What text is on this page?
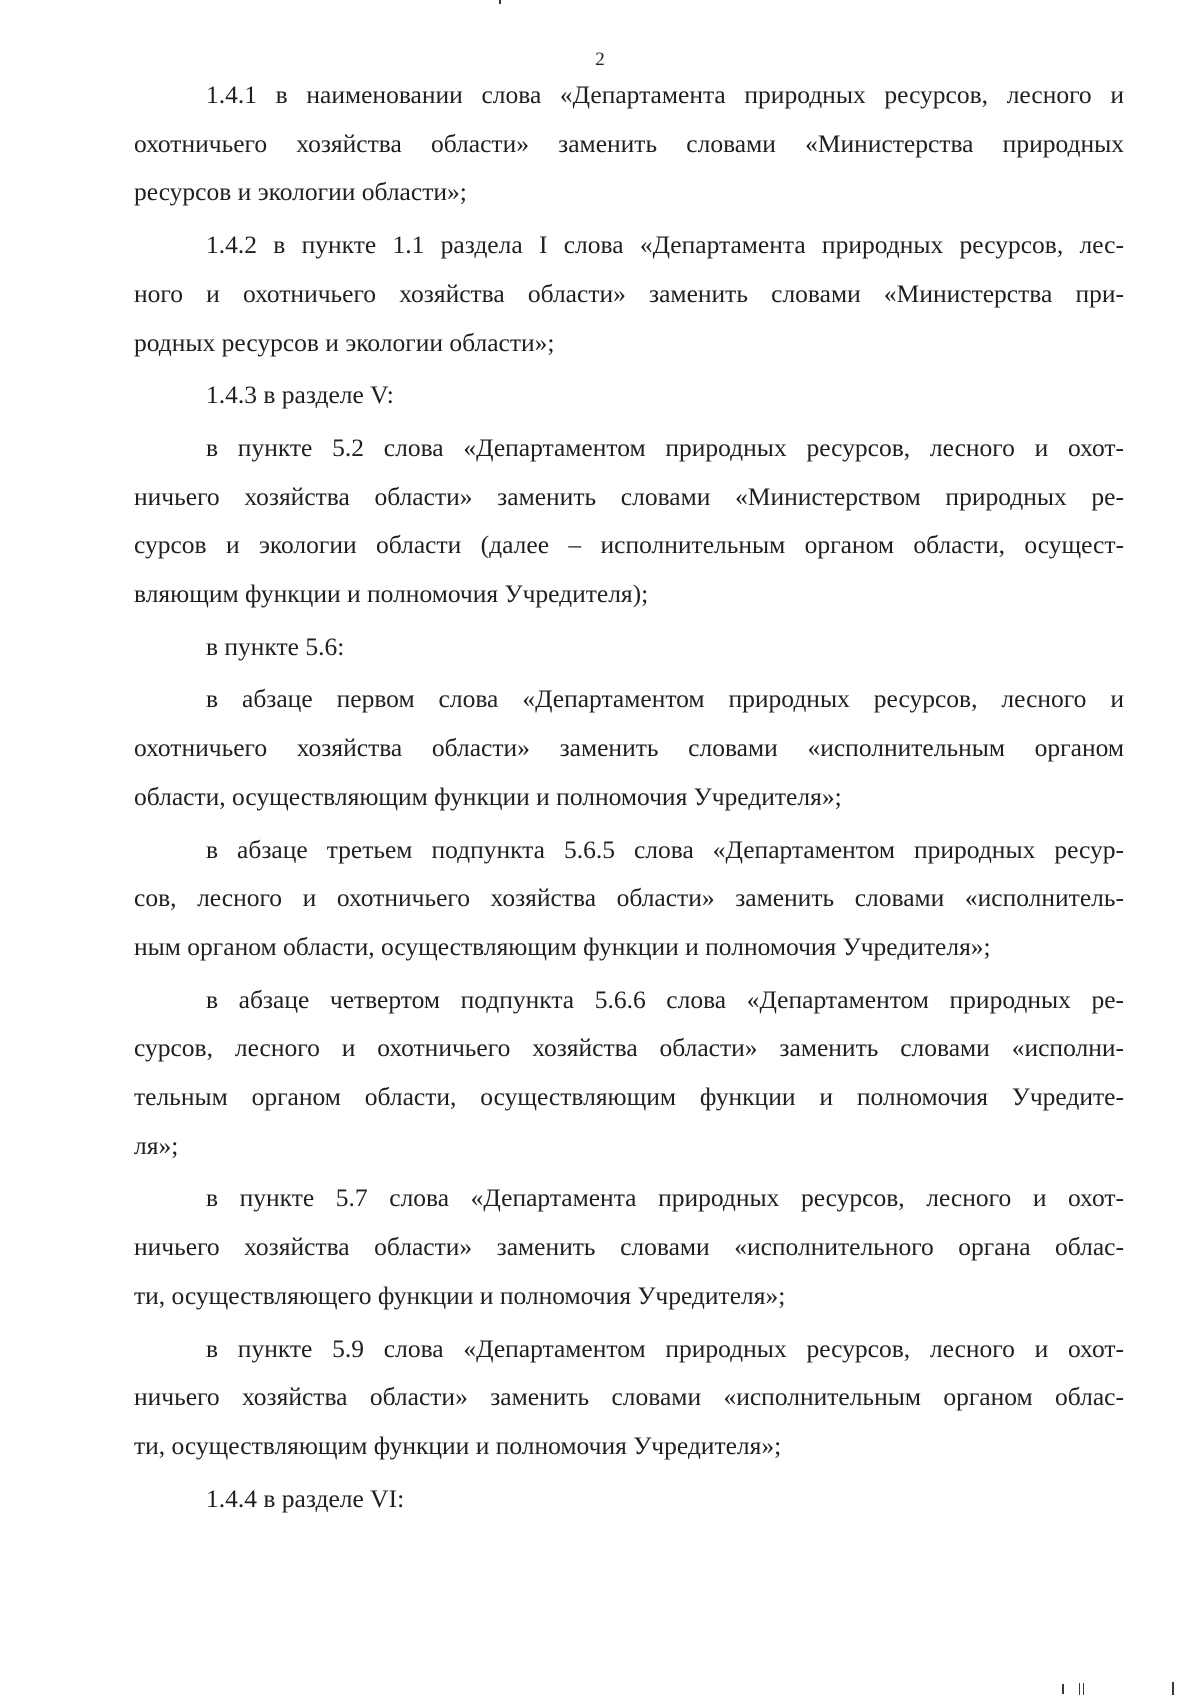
2

1.4.1 в наименовании слова «Департамента природных ресурсов, лесного и
охотничьего хозяйства области» заменить словами «Министерства природных
ресурсов и экологии области»;

1.4.2 в пункте 1.1 раздела I слова «Департамента природных ресурсов, лес-
ного и охотничьего хозяйства области» заменить словами «Министерства при-
родных ресурсов и экологии области»;

1.4.3 в разделе V:

в пункте 5.2 слова «Департаментом природных ресурсов, лесного и охот-
ничьего хозяйства области» заменить словами «Министерством природных ре-
сурсов и экологии области (далее – исполнительным органом области, осущест-
вляющим функции и полномочия Учредителя);

в пункте 5.6:

в абзаце первом слова «Департаментом природных ресурсов, лесного и
охотничьего хозяйства области» заменить словами «исполнительным органом
области, осуществляющим функции и полномочия Учредителя»;

в абзаце третьем подпункта 5.6.5 слова «Департаментом природных ресур-
сов, лесного и охотничьего хозяйства области» заменить словами «исполнитель-
ным органом области, осуществляющим функции и полномочия Учредителя»;

в абзаце четвертом подпункта 5.6.6 слова «Департаментом природных ре-
сурсов, лесного и охотничьего хозяйства области» заменить словами «исполни-
тельным органом области, осуществляющим функции и полномочия Учредите-
ля»;

в пункте 5.7 слова «Департамента природных ресурсов, лесного и охот-
ничьего хозяйства области» заменить словами «исполнительного органа облас-
ти, осуществляющего функции и полномочия Учредителя»;

в пункте 5.9 слова «Департаментом природных ресурсов, лесного и охот-
ничьего хозяйства области» заменить словами «исполнительным органом облас-
ти, осуществляющим функции и полномочия Учредителя»;

1.4.4 в разделе VI:
